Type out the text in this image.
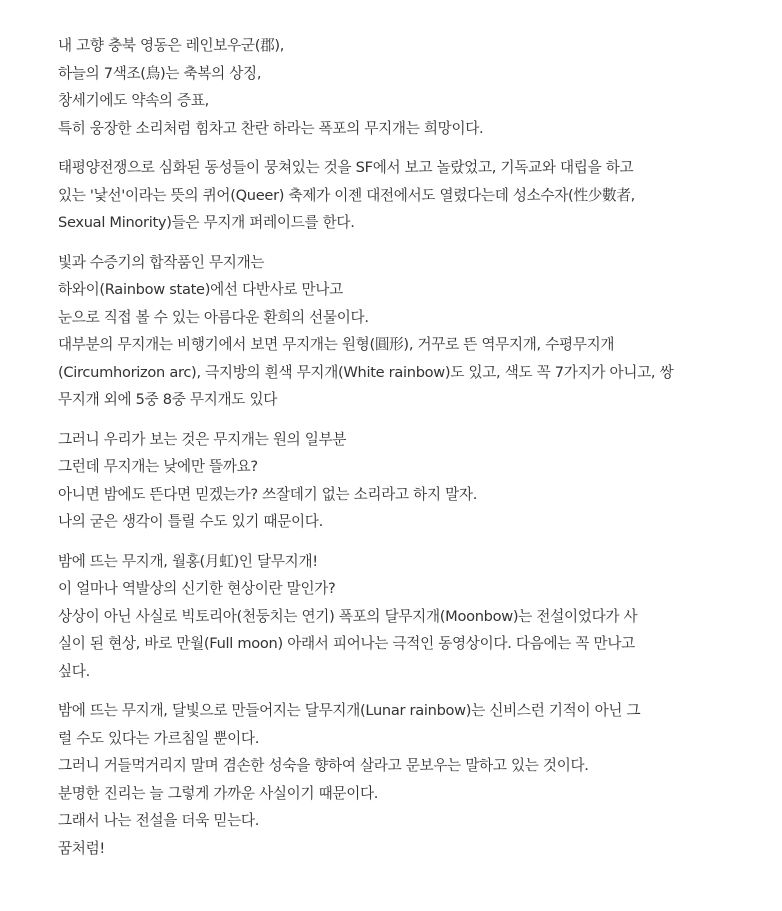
내 고향 충북 영동은 레인보우군(郡),
하늘의 7색조(鳥)는 축복의 상징,
창세기에도 약속의 증표,
특히 웅장한 소리처럼 힘차고 찬란 하라는 폭포의 무지개는 희망이다.
태평양전쟁으로 심화된 동성들이 뭉쳐있는 것을 SF에서 보고 놀랐었고, 기독교와 대립을 하고
있는 '낯선'이라는 뜻의 퀴어(Queer) 축제가 이젠 대전에서도 열렸다는데 성소수자(性少數者,
Sexual Minority)들은 무지개 퍼레이드를 한다.
빛과 수증기의 합작품인 무지개는
하와이(Rainbow state)에선 다반사로 만나고
눈으로 직접 볼 수 있는 아름다운 환희의 선물이다.
대부분의 무지개는 비행기에서 보면 무지개는 원형(圓形), 거꾸로 뜬 역무지개, 수평무지개
(Circumhorizon arc), 극지방의 흰색 무지개(White rainbow)도 있고, 색도 꼭 7가지가 아니고, 쌍
무지개 외에 5중 8중 무지개도 있다
그러니 우리가 보는 것은 무지개는 원의 일부분
그런데 무지개는 낮에만 뜰까요?
아니면 밤에도 뜬다면 믿겠는가? 쓰잘데기 없는 소리라고 하지 말자.
나의 굳은 생각이 틀릴 수도 있기 때문이다.
밤에 뜨는 무지개, 월홍(月虹)인 달무지개!
이 얼마나 역발상의 신기한 현상이란 말인가?
상상이 아닌 사실로 빅토리아(천둥치는 연기) 폭포의 달무지개(Moonbow)는 전설이었다가 사
실이 된 현상, 바로 만월(Full moon) 아래서 피어나는 극적인 동영상이다. 다음에는 꼭 만나고
싶다.
밤에 뜨는 무지개, 달빛으로 만들어지는 달무지개(Lunar rainbow)는 신비스런 기적이 아닌 그
럴 수도 있다는 가르침일 뿐이다.
그러니 거들먹거리지 말며 겸손한 성숙을 향하여 살라고 문보우는 말하고 있는 것이다.
분명한 진리는 늘 그렇게 가까운 사실이기 때문이다.
그래서 나는 전설을 더욱 믿는다.
꿈처럼!
